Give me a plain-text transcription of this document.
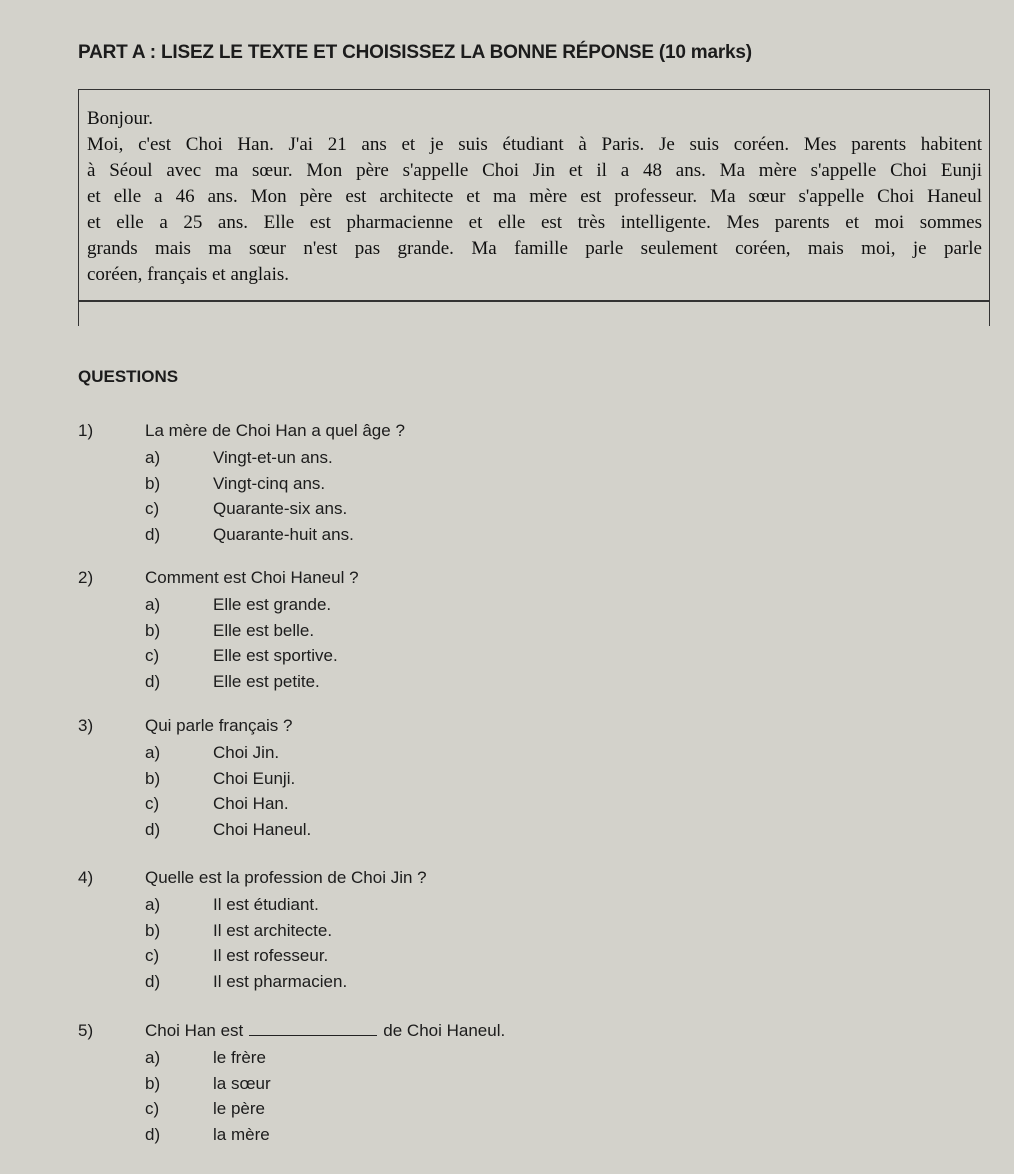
PART A : LISEZ LE TEXTE ET CHOISISSEZ LA BONNE RÉPONSE (10 marks)
Bonjour.
Moi, c'est Choi Han. J'ai 21 ans et je suis étudiant à Paris. Je suis coréen. Mes parents habitent
à Séoul avec ma sœur. Mon père s'appelle Choi Jin et il a 48 ans. Ma mère s'appelle Choi Eunji
et elle a 46 ans. Mon père est architecte et ma mère est professeur. Ma sœur s'appelle Choi Haneul
et elle a 25 ans. Elle est pharmacienne et elle est très intelligente. Mes parents et moi sommes
grands mais ma sœur n'est pas grande. Ma famille parle seulement coréen, mais moi, je parle
coréen, français et anglais.
QUESTIONS
1)	La mère de Choi Han a quel âge ?
a)	Vingt-et-un ans.
b)	Vingt-cinq ans.
c)	Quarante-six ans.
d)	Quarante-huit ans.
2)	Comment est Choi Haneul ?
a)	Elle est grande.
b)	Elle est belle.
c)	Elle est sportive.
d)	Elle est petite.
3)	Qui parle français ?
a)	Choi Jin.
b)	Choi Eunji.
c)	Choi Han.
d)	Choi Haneul.
4)	Quelle est la profession de Choi Jin ?
a)	Il est étudiant.
b)	Il est architecte.
c)	Il est rofesseur.
d)	Il est pharmacien.
5)	Choi Han est	de Choi Haneul.
a)	le frère
b)	la sœur
c)	le père
d)	la mère
